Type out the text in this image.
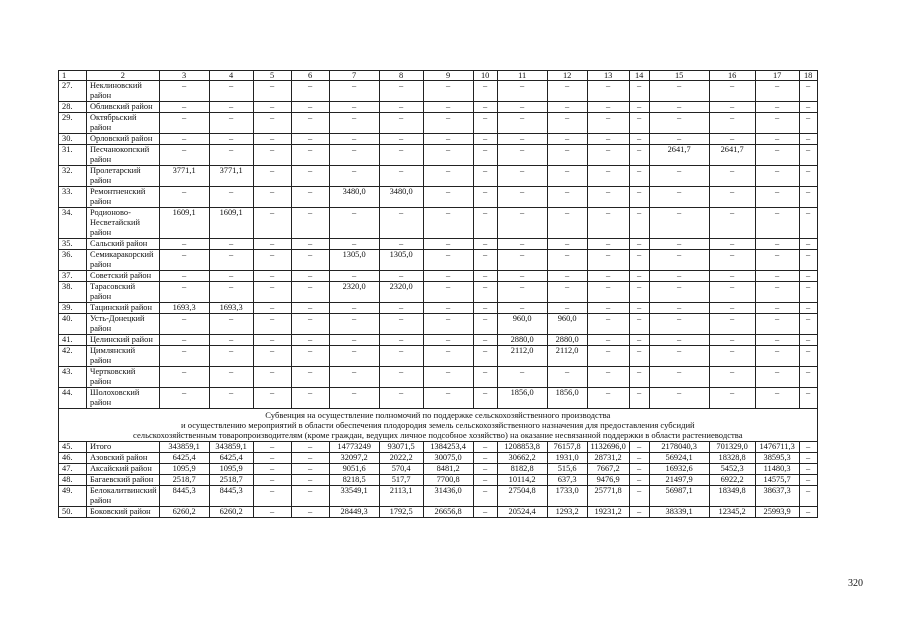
1	2	3	4	5	6	7	8	9	10	11	12	13	14	15	16	17	18
27.	Неклиновский район	–	–	–	–	–	–	–	–	–	–	–	–	–	–	–	–
28.	Обливский район	–	–	–	–	–	–	–	–	–	–	–	–	–	–	–	–
29.	Октябрьский район	–	–	–	–	–	–	–	–	–	–	–	–	–	–	–	–
30.	Орловский район	–	–	–	–	–	–	–	–	–	–	–	–	–	–	–	–
31.	Песчанокопский район	–	–	–	–	–	–	–	–	–	–	–	–	2641,7	2641,7	–	–
32.	Пролетарский район	3771,1	3771,1	–	–	–	–	–	–	–	–	–	–	–	–	–	–
33.	Ремонтненский район	–	–	–	–	3480,0	3480,0	–	–	–	–	–	–	–	–	–	–
34.	Родионово-Несветайский район	1609,1	1609,1	–	–	–	–	–	–	–	–	–	–	–	–	–	–
35.	Сальский район	–	–	–	–	–	–	–	–	–	–	–	–	–	–	–	–
36.	Семикаракорский район	–	–	–	–	1305,0	1305,0	–	–	–	–	–	–	–	–	–	–
37.	Советский район	–	–	–	–	–	–	–	–	–	–	–	–	–	–	–	–
38.	Тарасовский район	–	–	–	–	2320,0	2320,0	–	–	–	–	–	–	–	–	–	–
39.	Тацинский район	1693,3	1693,3	–	–	–	–	–	–	–	–	–	–	–	–	–	–
40.	Усть-Донецкий район	–	–	–	–	–	–	–	–	960,0	960,0	–	–	–	–	–	–
41.	Целинский район	–	–	–	–	–	–	–	–	2880,0	2880,0	–	–	–	–	–	–
42.	Цимлянский район	–	–	–	–	–	–	–	–	2112,0	2112,0	–	–	–	–	–	–
43.	Чертковский район	–	–	–	–	–	–	–	–	–	–	–	–	–	–	–	–
44.	Шолоховский район	–	–	–	–	–	–	–	–	1856,0	1856,0	–	–	–	–	–	–

Субвенция на осуществление полномочий по поддержке сельскохозяйственного производства
и осуществлению мероприятий в области обеспечения плодородия земель сельскохозяйственного назначения для предоставления субсидий
сельскохозяйственным товаропроизводителям (кроме граждан, ведущих личное подсобное хозяйство) на оказание несвязанной поддержки в области растениеводства																	

45.	Итого	343859,1	343859,1	–	–	14773249	93071,5	1384253,4	–	1208853,8	76157,8	1132696,0	–	2178040,3	701329,0	1476711,3	–
46.	Азовский район	6425,4	6425,4	–	–	32097,2	2022,2	30075,0	–	30662,2	1931,0	28731,2	–	56924,1	18328,8	38595,3	–
47.	Аксайский район	1095,9	1095,9	–	–	9051,6	570,4	8481,2	–	8182,8	515,6	7667,2	–	16932,6	5452,3	11480,3	–
48.	Багаевский район	2518,7	2518,7	–	–	8218,5	517,7	7700,8	–	10114,2	637,3	9476,9	–	21497,9	6922,2	14575,7	–
49.	Белокалитвинский район	8445,3	8445,3	–	–	33549,1	2113,1	31436,0	–	27504,8	1733,0	25771,8	–	56987,1	18349,8	38637,3	–
50.	Боковский район	6260,2	6260,2	–	–	28449,3	1792,5	26656,8	–	20524,4	1293,2	19231,2	–	38339,1	12345,2	25993,9	–
320
